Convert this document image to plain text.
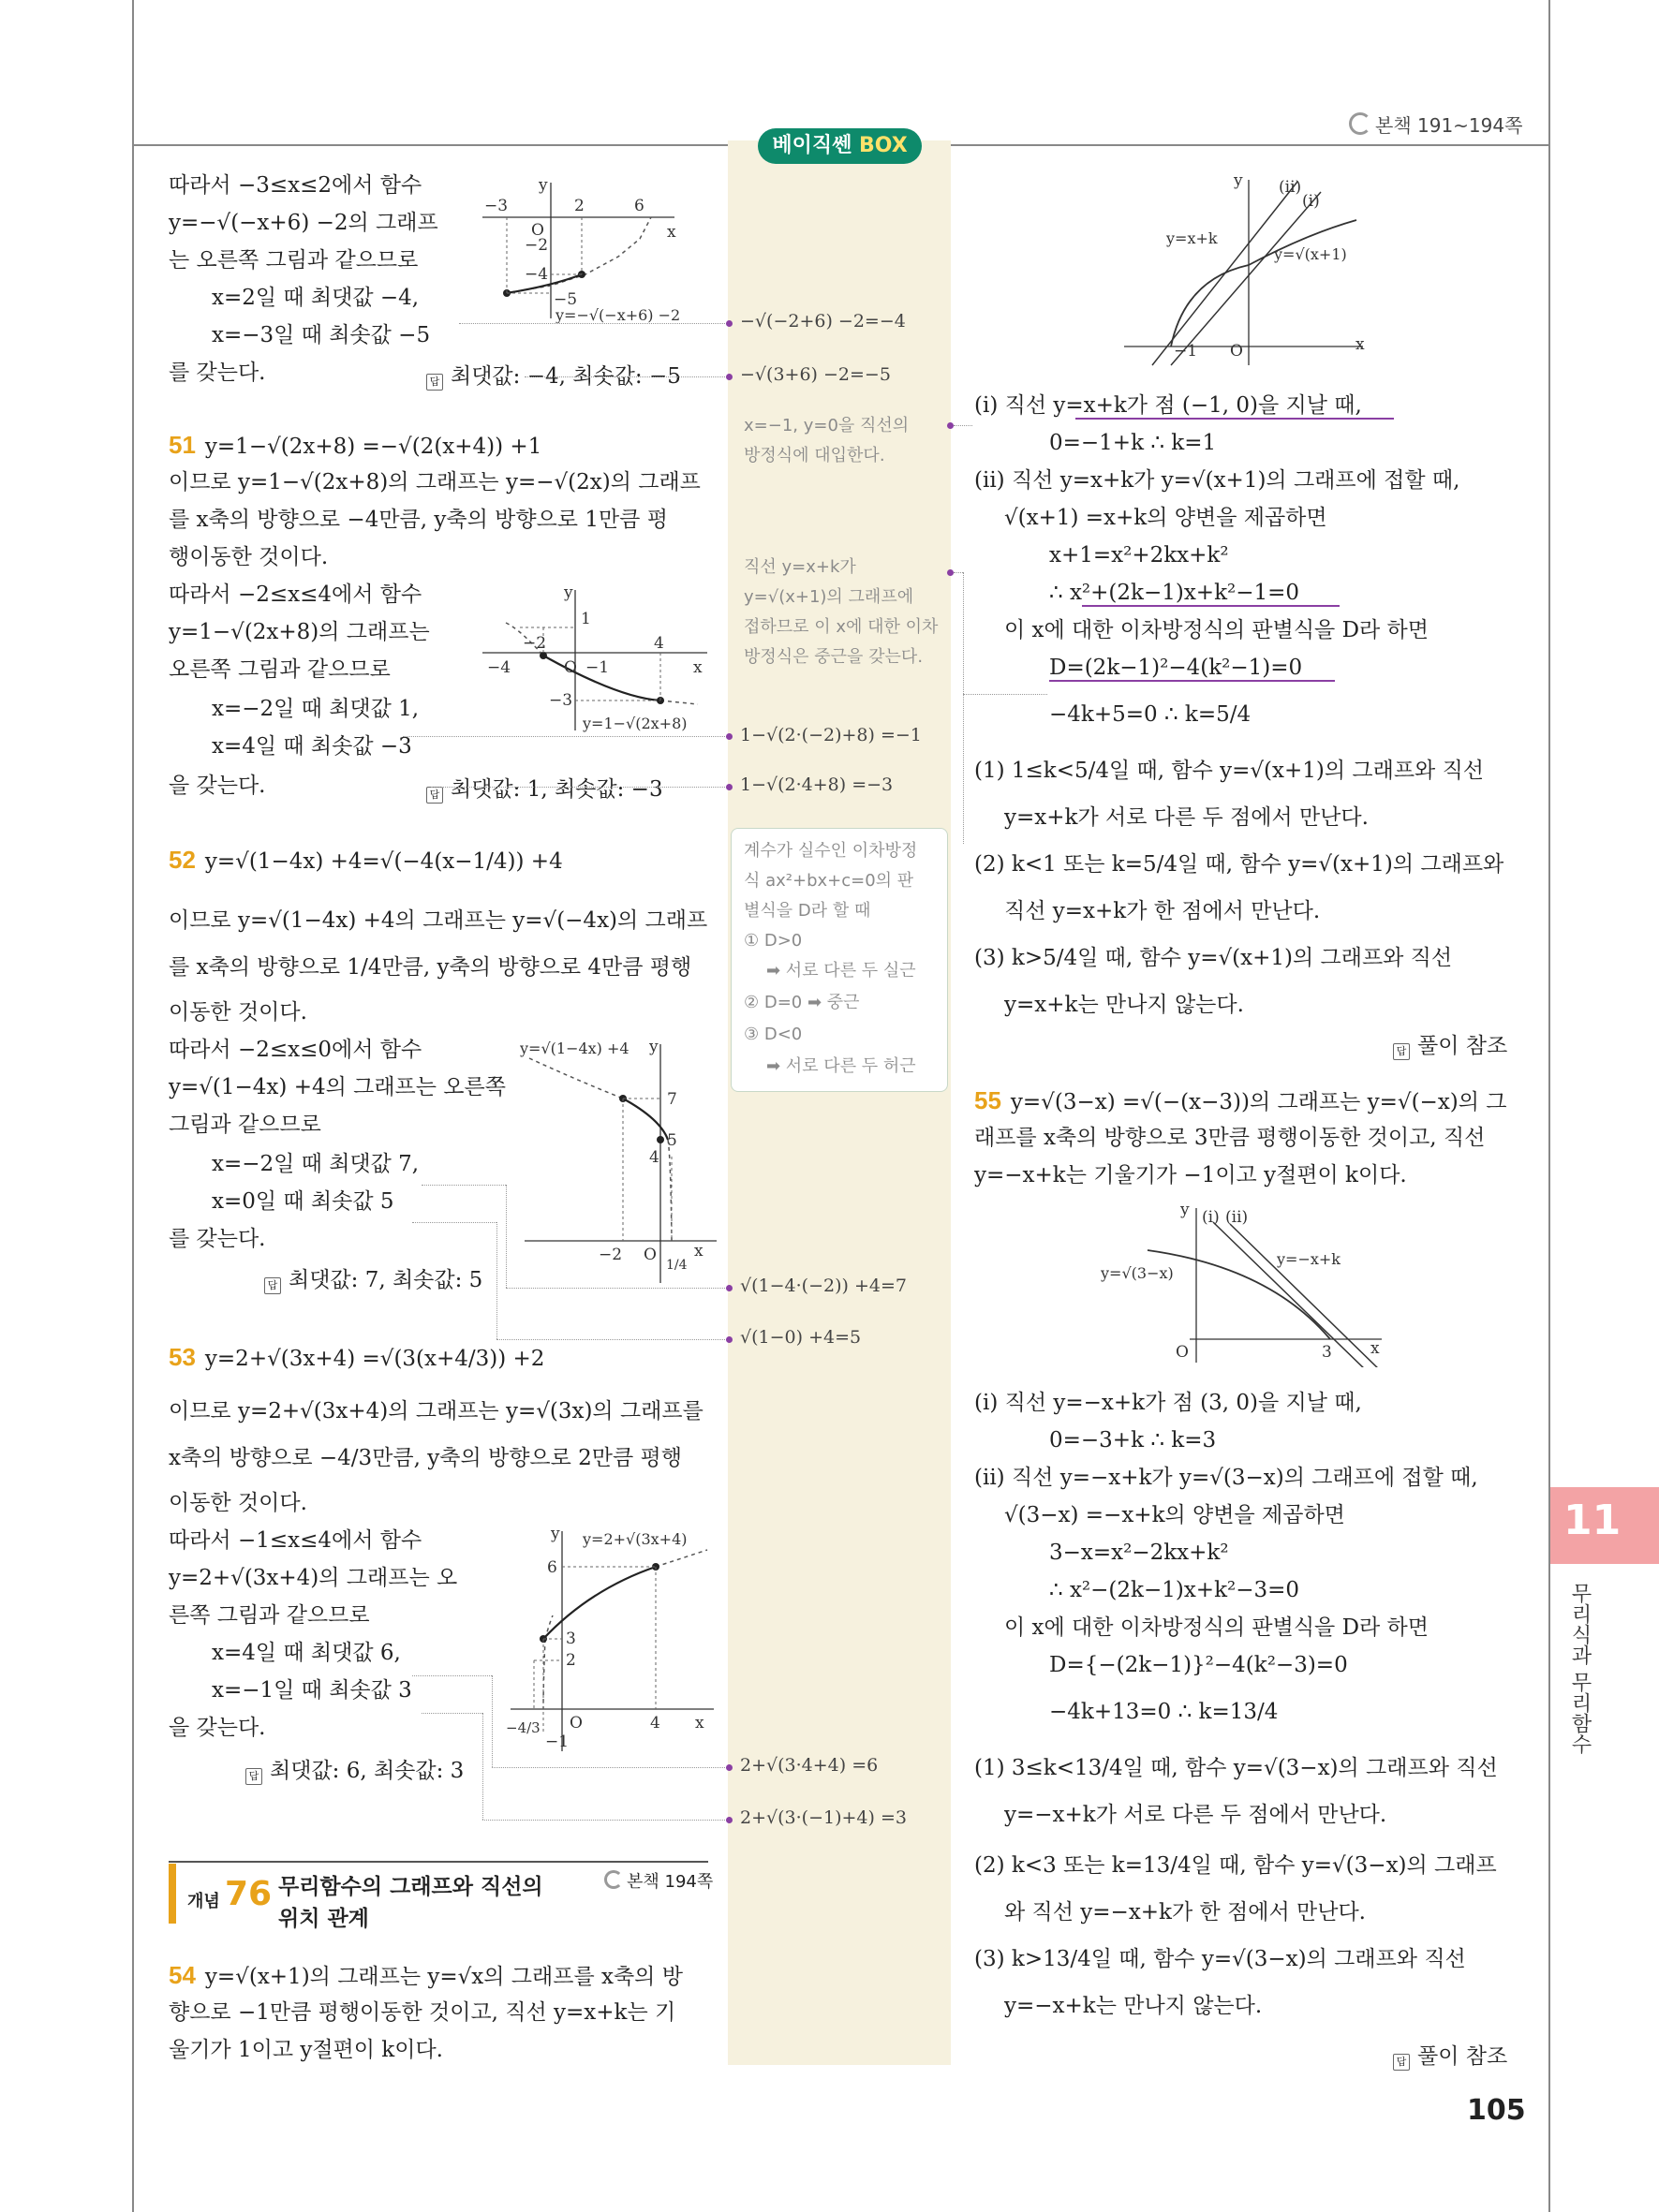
본책 191~194쪽
베이직쎈 BOX
11
무리식과 무리함수
105
따라서 −3≤x≤2에서 함수
y=−√(−x+6) −2의 그래프
는 오른쪽 그림과 같으므로
x=2일 때 최댓값 −4,
x=−3일 때 최솟값 −5
를 갖는다.	답 최댓값: −4, 최솟값: −5
x
y
O
−3	2	6
−2
−4
−5
y=−√(−x+6) −2
51 y=1−√(2x+8) =−√(2(x+4)) +1
이므로 y=1−√(2x+8)의 그래프는 y=−√(2x)의 그래프
를 x축의 방향으로 −4만큼, y축의 방향으로 1만큼 평
행이동한 것이다.
따라서 −2≤x≤4에서 함수
y=1−√(2x+8)의 그래프는
오른쪽 그림과 같으므로
x=−2일 때 최댓값 1,
x=4일 때 최솟값 −3
을 갖는다.	답 최댓값: 1, 최솟값: −3
x
y
O
1
−2	4
−4	−1
−3
y=1−√(2x+8)
52 y=√(1−4x) +4=√(−4(x−1/4)) +4
이므로 y=√(1−4x) +4의 그래프는 y=√(−4x)의 그래프
를 x축의 방향으로 1/4만큼, y축의 방향으로 4만큼 평행
이동한 것이다.
따라서 −2≤x≤0에서 함수
y=√(1−4x) +4의 그래프는 오른쪽
그림과 같으므로
x=−2일 때 최댓값 7,
x=0일 때 최솟값 5
를 갖는다.
답 최댓값: 7, 최솟값: 5
x
y
O
7
5
4
−2
1/4
y=√(1−4x) +4
53 y=2+√(3x+4) =√(3(x+4/3)) +2
이므로 y=2+√(3x+4)의 그래프는 y=√(3x)의 그래프를
x축의 방향으로 −4/3만큼, y축의 방향으로 2만큼 평행
이동한 것이다.
따라서 −1≤x≤4에서 함수
y=2+√(3x+4)의 그래프는 오
른쪽 그림과 같으므로
x=4일 때 최댓값 6,
x=−1일 때 최솟값 3
을 갖는다.
답 최댓값: 6, 최솟값: 3
x
y
O
6
3
2
4
−4/3
−1
y=2+√(3x+4)
개념 76 무리함수의 그래프와 직선의
위치 관계
본책 194쪽
54 y=√(x+1)의 그래프는 y=√x의 그래프를 x축의 방
향으로 −1만큼 평행이동한 것이고, 직선 y=x+k는 기
울기가 1이고 y절편이 k이다.
−√(−2+6) −2=−4
−√(3+6) −2=−5
x=−1, y=0을 직선의
방정식에 대입한다.
직선 y=x+k가
y=√(x+1)의 그래프에
접하므로 이 x에 대한 이차
방정식은 중근을 갖는다.
1−√(2·(−2)+8) =−1
1−√(2·4+8) =−3
계수가 실수인 이차방정
식 ax²+bx+c=0의 판
별식을 D라 할 때
① D>0
➡ 서로 다른 두 실근
② D=0 ➡ 중근
③ D<0
➡ 서로 다른 두 허근
√(1−4·(−2)) +4=7
√(1−0) +4=5
2+√(3·4+4) =6
2+√(3·(−1)+4) =3
x
y
O
−1
(ii)
(i)
y=x+k
y=√(x+1)
(i) 직선 y=x+k가 점 (−1, 0)을 지날 때,
0=−1+k ∴ k=1
(ii) 직선 y=x+k가 y=√(x+1)의 그래프에 접할 때,
√(x+1) =x+k의 양변을 제곱하면
x+1=x²+2kx+k²
∴ x²+(2k−1)x+k²−1=0
이 x에 대한 이차방정식의 판별식을 D라 하면
D=(2k−1)²−4(k²−1)=0
−4k+5=0 ∴ k=5/4
(1) 1≤k<5/4일 때, 함수 y=√(x+1)의 그래프와 직선
y=x+k가 서로 다른 두 점에서 만난다.
(2) k<1 또는 k=5/4일 때, 함수 y=√(x+1)의 그래프와
직선 y=x+k가 한 점에서 만난다.
(3) k>5/4일 때, 함수 y=√(x+1)의 그래프와 직선
y=x+k는 만나지 않는다.
답 풀이 참조
55 y=√(3−x) =√(−(x−3))의 그래프는 y=√(−x)의 그
래프를 x축의 방향으로 3만큼 평행이동한 것이고, 직선
y=−x+k는 기울기가 −1이고 y절편이 k이다.
x
y
O	3
(i) (ii)
y=−x+k
y=√(3−x)
(i) 직선 y=−x+k가 점 (3, 0)을 지날 때,
0=−3+k ∴ k=3
(ii) 직선 y=−x+k가 y=√(3−x)의 그래프에 접할 때,
√(3−x) =−x+k의 양변을 제곱하면
3−x=x²−2kx+k²
∴ x²−(2k−1)x+k²−3=0
이 x에 대한 이차방정식의 판별식을 D라 하면
D={−(2k−1)}²−4(k²−3)=0
−4k+13=0 ∴ k=13/4
(1) 3≤k<13/4일 때, 함수 y=√(3−x)의 그래프와 직선
y=−x+k가 서로 다른 두 점에서 만난다.
(2) k<3 또는 k=13/4일 때, 함수 y=√(3−x)의 그래프
와 직선 y=−x+k가 한 점에서 만난다.
(3) k>13/4일 때, 함수 y=√(3−x)의 그래프와 직선
y=−x+k는 만나지 않는다.
답 풀이 참조
